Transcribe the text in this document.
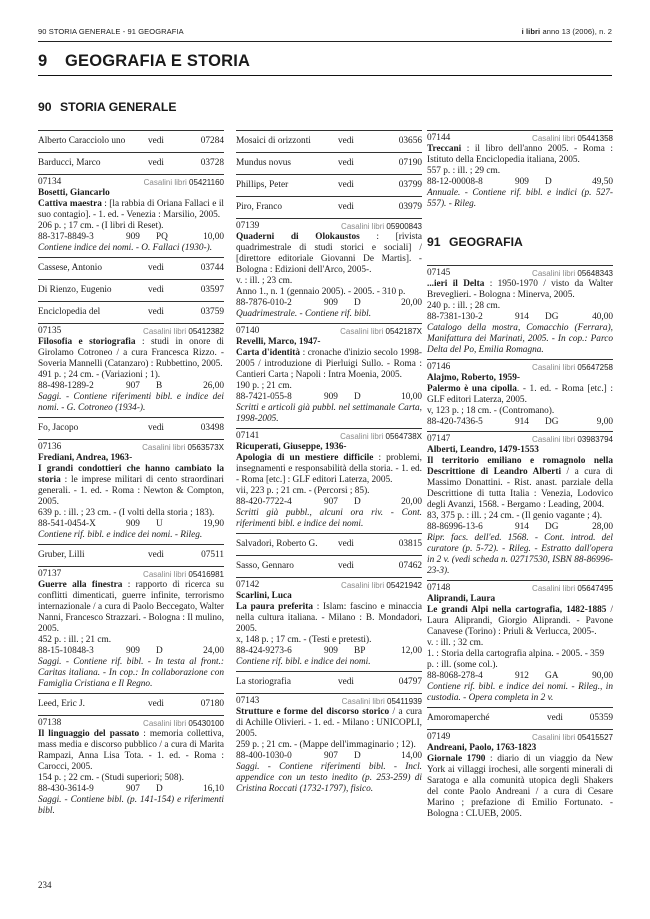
90 STORIA GENERALE - 91 GEOGRAFIA	i libri anno 13 (2006), n. 2
9 GEOGRAFIA E STORIA
90 STORIA GENERALE
Alberto Caracciolo uno vedi	07284
Barducci, Marco	vedi	03728
07134	Casalini libri 05421160
Bosetti, Giancarlo
Cattiva maestra : [la rabbia di Oriana Fallaci e il suo contagio]. - 1. ed. - Venezia : Marsilio, 2005.
206 p. ; 17 cm. - (I libri di Reset).
88-317-8849-3	909	PQ	10,00
Contiene indice dei nomi. - O. Fallaci (1930-).
Cassese, Antonio	vedi	03744
Di Rienzo, Eugenio	vedi	03597
Enciclopedia del	vedi	03759
07135	Casalini libri 05412382
Filosofia e storiografia : studi in onore di Girolamo Cotroneo / a cura Francesca Rizzo. - Soveria Mannelli (Catanzaro) : Rubbettino, 2005.
491 p. ; 24 cm. - (Variazioni ; 1).
88-498-1289-2	907	B	26,00
Saggi. - Contiene riferimenti bibl. e indice dei nomi. - G. Cotroneo (1934-).
Fo, Jacopo	vedi	03498
07136	Casalini libri 0563573X
Frediani, Andrea, 1963-
I grandi condottieri che hanno cambiato la storia : le imprese militari di cento straordinari generali. - 1. ed. - Roma : Newton & Compton, 2005.
639 p. : ill. ; 23 cm. - (I volti della storia ; 183).
88-541-0454-X	909	U	19,90
Contiene rif. bibl. e indice dei nomi. - Rileg.
Gruber, Lilli	vedi	07511
07137	Casalini libri 05416981
Guerre alla finestra : rapporto di ricerca su conflitti dimenticati, guerre infinite, terrorismo internazionale / a cura di Paolo Beccegato, Walter Nanni, Francesco Strazzari. - Bologna : Il mulino, 2005.
452 p. : ill. ; 21 cm.
88-15-10848-3	909	D	24,00
Saggi. - Contiene rif. bibl. - In testa al front.: Caritas italiana. - In cop.: In collaborazione con Famiglia Cristiana e Il Regno.
Leed, Eric J.	vedi	07180
07138	Casalini libri 05430100
Il linguaggio del passato : memoria collettiva, mass media e discorso pubblico / a cura di Marita Rampazi, Anna Lisa Tota. - 1. ed. - Roma : Carocci, 2005.
154 p. ; 22 cm. - (Studi superiori; 508).
88-430-3614-9	907	D	16,10
Saggi. - Contiene bibl. (p. 141-154) e riferimenti bibl.
Mosaici di orizzonti	vedi	03656
Mundus novus	vedi	07190
Phillips, Peter	vedi	03799
Piro, Franco	vedi	03979
07139	Casalini libri 05900843
Quaderni di Olokaustos : [rivista quadrimestrale di studi storici e sociali] / [direttore editoriale Giovanni De Martis]. - Bologna : Edizioni dell'Arco, 2005-.
v. : ill. ; 23 cm.
Anno 1., n. 1 (gennaio 2005). - 2005. - 310 p.
88-7876-010-2	909	D	20,00
Quadrimestrale. - Contiene rif. bibl.
07140	Casalini libri 0542187X
Revelli, Marco, 1947-
Carta d'identità : cronache d'inizio secolo 1998-2005 / introduzione di Pierluigi Sullo. - Roma : Cantieri Carta ; Napoli : Intra Moenia, 2005.
190 p. ; 21 cm.
88-7421-055-8	909	D	10,00
Scritti e articoli già pubbl. nel settimanale Carta, 1998-2005.
07141	Casalini libri 0564738X
Ricuperati, Giuseppe, 1936-
Apologia di un mestiere difficile : problemi, insegnamenti e responsabilità della storia. - 1. ed. - Roma [etc.] : GLF editori Laterza, 2005.
vii, 223 p. ; 21 cm. - (Percorsi ; 85).
88-420-7722-4	907	D	20,00
Scritti già pubbl., alcuni ora riv. - Cont. riferimenti bibl. e indice dei nomi.
Salvadori, Roberto G. vedi	03815
Sasso, Gennaro	vedi	07462
07142	Casalini libri 05421942
Scarlini, Luca
La paura preferita : Islam: fascino e minaccia nella cultura italiana. - Milano : B. Mondadori, 2005.
x, 148 p. ; 17 cm. - (Testi e pretesti).
88-424-9273-6	909	BP	12,00
Contiene rif. bibl. e indice dei nomi.
La storiografia	vedi	04797
07143	Casalini libri 05411939
Strutture e forme del discorso storico / a cura di Achille Olivieri. - 1. ed. - Milano : UNICOPLI, 2005.
259 p. ; 21 cm. - (Mappe dell'immaginario ; 12).
88-400-1030-0	907	D	14,00
Saggi. - Contiene riferimenti bibl. - Incl. appendice con un testo inedito (p. 253-259) di Cristina Roccati (1732-1797), fisico.
07144	Casalini libri 05441358
Treccani : il libro dell'anno 2005. - Roma : Istituto della Enciclopedia italiana, 2005.
557 p. : ill. ; 29 cm.
88-12-00008-8	909	D	49,50
Annuale. - Contiene rif. bibl. e indici (p. 527-557). - Rileg.
91 GEOGRAFIA
07145	Casalini libri 05648343
...ieri il Delta : 1950-1970 / visto da Walter Breveglieri. - Bologna : Minerva, 2005.
240 p. : ill. ; 28 cm.
88-7381-130-2	914	DG	40,00
Catalogo della mostra, Comacchio (Ferrara), Manifattura dei Marinati, 2005. - In cop.: Parco Delta del Po, Emilia Romagna.
07146	Casalini libri 05647258
Alajmo, Roberto, 1959-
Palermo è una cipolla. - 1. ed. - Roma [etc.] : GLF editori Laterza, 2005.
v, 123 p. ; 18 cm. - (Contromano).
88-420-7436-5	914	DG	9,00
07147	Casalini libri 03983794
Alberti, Leandro, 1479-1553
Il territorio emiliano e romagnolo nella Descrittione di Leandro Alberti / a cura di Massimo Donattini. - Rist. anast. parziale della Descrittione di tutta Italia : Venezia, Lodovico degli Avanzi, 1568. - Bergamo : Leading, 2004.
83, 375 p. : ill. ; 24 cm. - (Il genio vagante ; 4).
88-86996-13-6	914	DG	28,00
Ripr. facs. dell'ed. 1568. - Cont. introd. del curatore (p. 5-72). - Rileg. - Estratto dall'opera in 2 v. (vedi scheda n. 02717530, ISBN 88-86996-23-3).
07148	Casalini libri 05647495
Aliprandi, Laura
Le grandi Alpi nella cartografia, 1482-1885 / Laura Aliprandi, Giorgio Aliprandi. - Pavone Canavese (Torino) : Priuli & Verlucca, 2005-.
v. : ill. ; 32 cm.
1. : Storia della cartografia alpina. - 2005. - 359 p. : ill. (some col.).
88-8068-278-4	912	GA	90,00
Contiene rif. bibl. e indice dei nomi. - Rileg., in custodia. - Opera completa in 2 v.
Amoromaperché	vedi	05359
07149	Casalini libri 05415527
Andreani, Paolo, 1763-1823
Giornale 1790 : diario di un viaggio da New York ai villaggi irochesi, alle sorgenti minerali di Saratoga e alla comunità utopica degli Shakers del conte Paolo Andreani / a cura di Cesare Marino ; prefazione di Emilio Fortunato. - Bologna : CLUEB, 2005.
234
